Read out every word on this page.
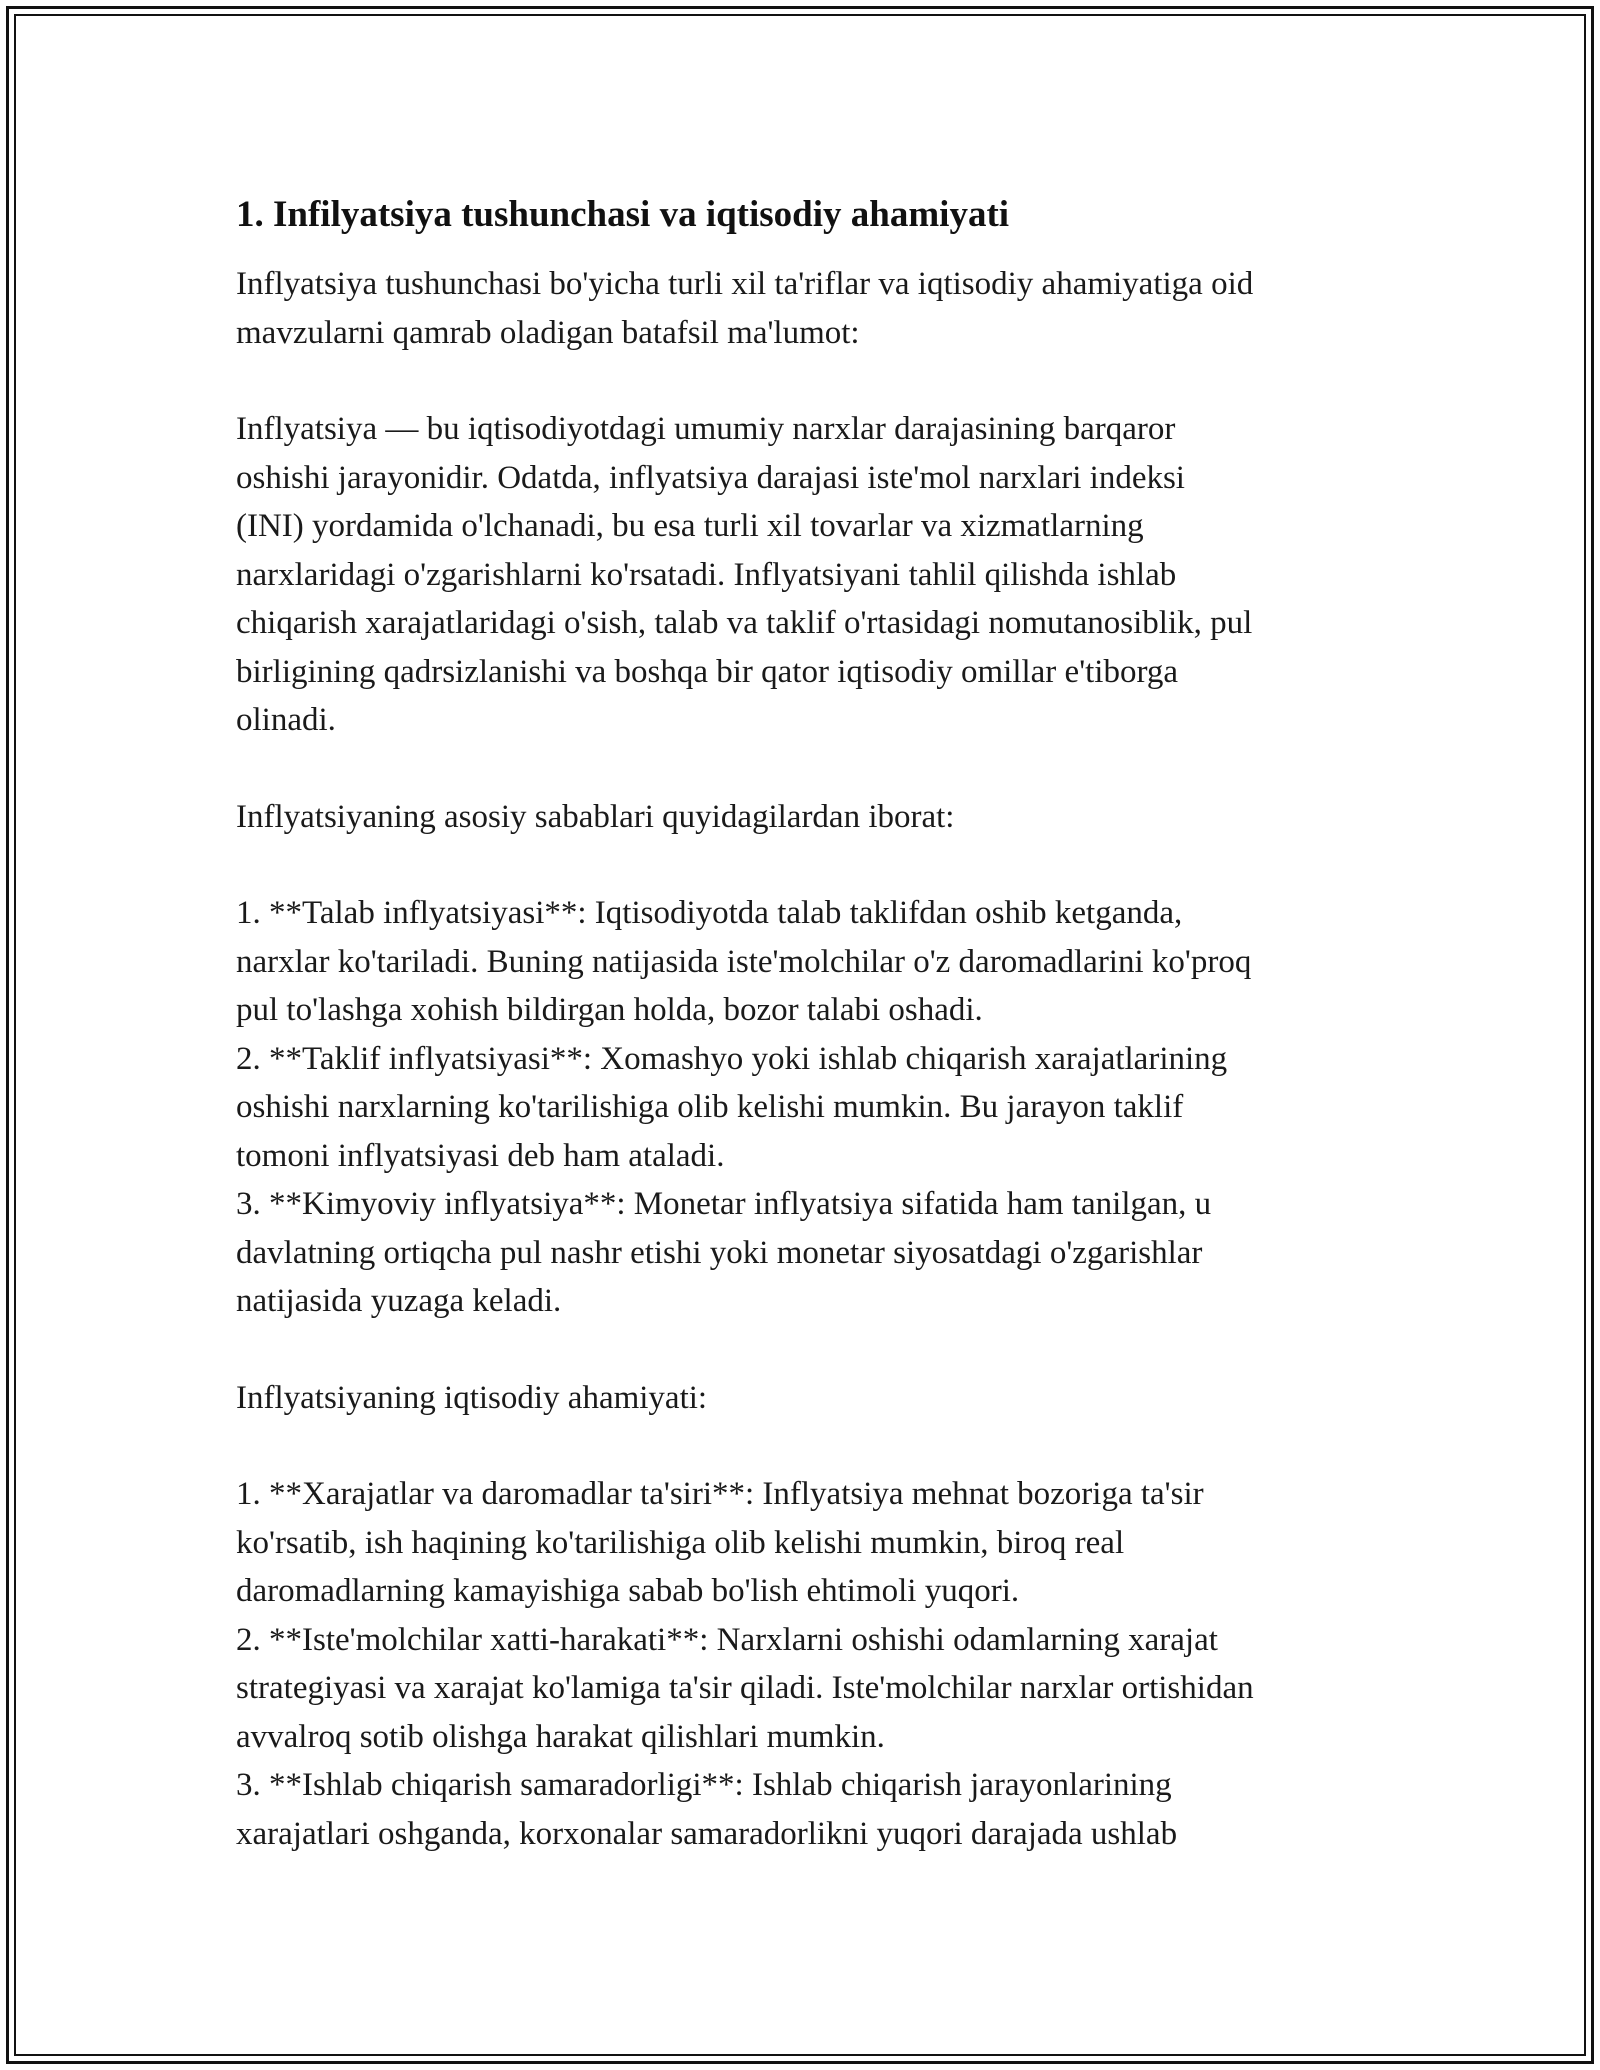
1. Infilyatsiya tushunchasi va iqtisodiy ahamiyati

Inflyatsiya tushunchasi bo'yicha turli xil ta'riflar va iqtisodiy ahamiyatiga oid
mavzularni qamrab oladigan batafsil ma'lumot:

Inflyatsiya — bu iqtisodiyotdagi umumiy narxlar darajasining barqaror
oshishi jarayonidir. Odatda, inflyatsiya darajasi iste'mol narxlari indeksi
(INI) yordamida o'lchanadi, bu esa turli xil tovarlar va xizmatlarning
narxlaridagi o'zgarishlarni ko'rsatadi. Inflyatsiyani tahlil qilishda ishlab
chiqarish xarajatlaridagi o'sish, talab va taklif o'rtasidagi nomutanosiblik, pul
birligining qadrsizlanishi va boshqa bir qator iqtisodiy omillar e'tiborga
olinadi.

Inflyatsiyaning asosiy sabablari quyidagilardan iborat:

1. **Talab inflyatsiyasi**: Iqtisodiyotda talab taklifdan oshib ketganda,
narxlar ko'tariladi. Buning natijasida iste'molchilar o'z daromadlarini ko'proq
pul to'lashga xohish bildirgan holda, bozor talabi oshadi.

2. **Taklif inflyatsiyasi**: Xomashyo yoki ishlab chiqarish xarajatlarining
oshishi narxlarning ko'tarilishiga olib kelishi mumkin. Bu jarayon taklif
tomoni inflyatsiyasi deb ham ataladi.

3. **Kimyoviy inflyatsiya**: Monetar inflyatsiya sifatida ham tanilgan, u
davlatning ortiqcha pul nashr etishi yoki monetar siyosatdagi o'zgarishlar
natijasida yuzaga keladi.

Inflyatsiyaning iqtisodiy ahamiyati:

1. **Xarajatlar va daromadlar ta'siri**: Inflyatsiya mehnat bozoriga ta'sir
ko'rsatib, ish haqining ko'tarilishiga olib kelishi mumkin, biroq real
daromadlarning kamayishiga sabab bo'lish ehtimoli yuqori.

2. **Iste'molchilar xatti-harakati**: Narxlarni oshishi odamlarning xarajat
strategiyasi va xarajat ko'lamiga ta'sir qiladi. Iste'molchilar narxlar ortishidan
avvalroq sotib olishga harakat qilishlari mumkin.

3. **Ishlab chiqarish samaradorligi**: Ishlab chiqarish jarayonlarining
xarajatlari oshganda, korxonalar samaradorlikni yuqori darajada ushlab
